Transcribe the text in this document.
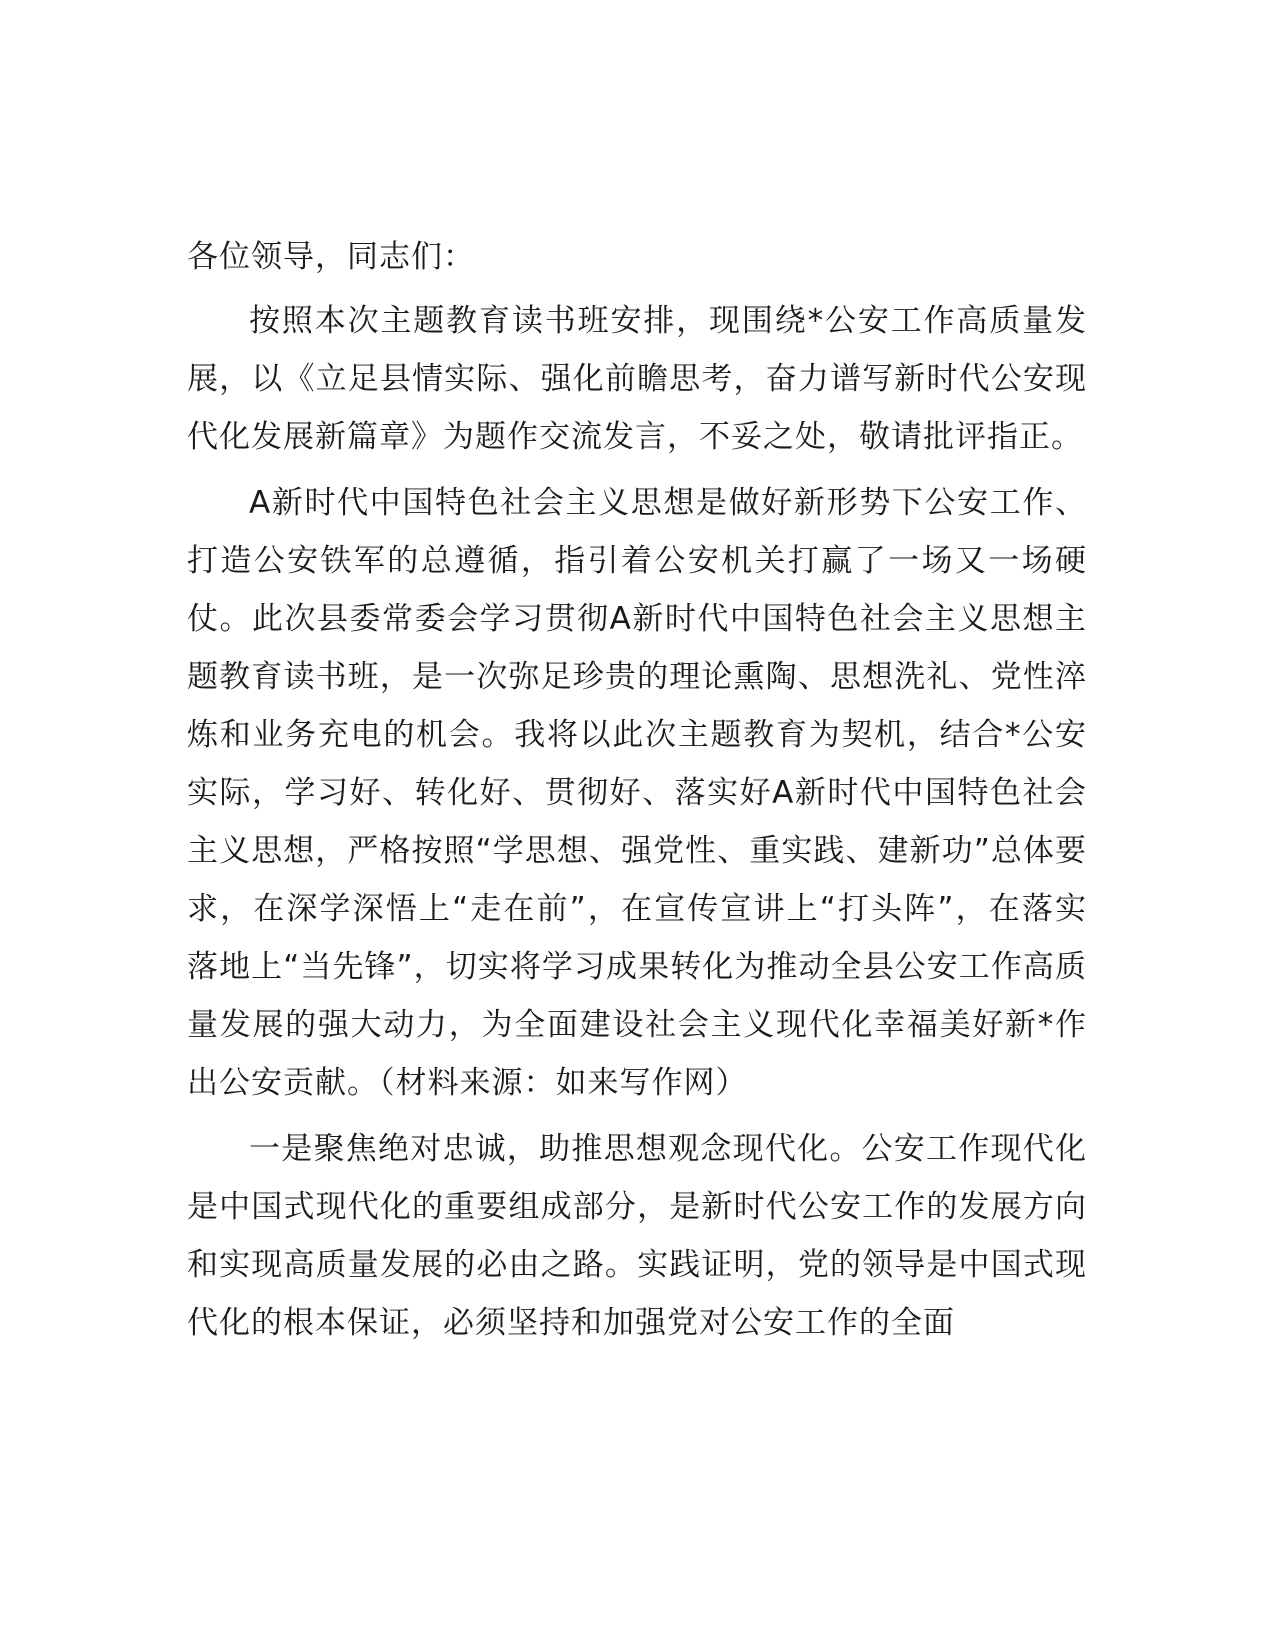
各位领导，同志们：

按照本次主题教育读书班安排，现围绕*公安工作高质量发展，以《立足县情实际、强化前瞻思考，奋力谱写新时代公安现代化发展新篇章》为题作交流发言，不妥之处，敬请批评指正。

A新时代中国特色社会主义思想是做好新形势下公安工作、打造公安铁军的总遵循，指引着公安机关打赢了一场又一场硬仗。此次县委常委会学习贯彻A新时代中国特色社会主义思想主题教育读书班，是一次弥足珍贵的理论熏陶、思想洗礼、党性淬炼和业务充电的机会。我将以此次主题教育为契机，结合*公安实际，学习好、转化好、贯彻好、落实好A新时代中国特色社会主义思想，严格按照“学思想、强党性、重实践、建新功”总体要求，在深学深悟上“走在前”，在宣传宣讲上“打头阵”，在落实落地上“当先锋”，切实将学习成果转化为推动全县公安工作高质量发展的强大动力，为全面建设社会主义现代化幸福美好新*作出公安贡献。（材料来源：如来写作网）

一是聚焦绝对忠诚，助推思想观念现代化。公安工作现代化是中国式现代化的重要组成部分，是新时代公安工作的发展方向和实现高质量发展的必由之路。实践证明，党的领导是中国式现代化的根本保证，必须坚持和加强党对公安工作的全面
